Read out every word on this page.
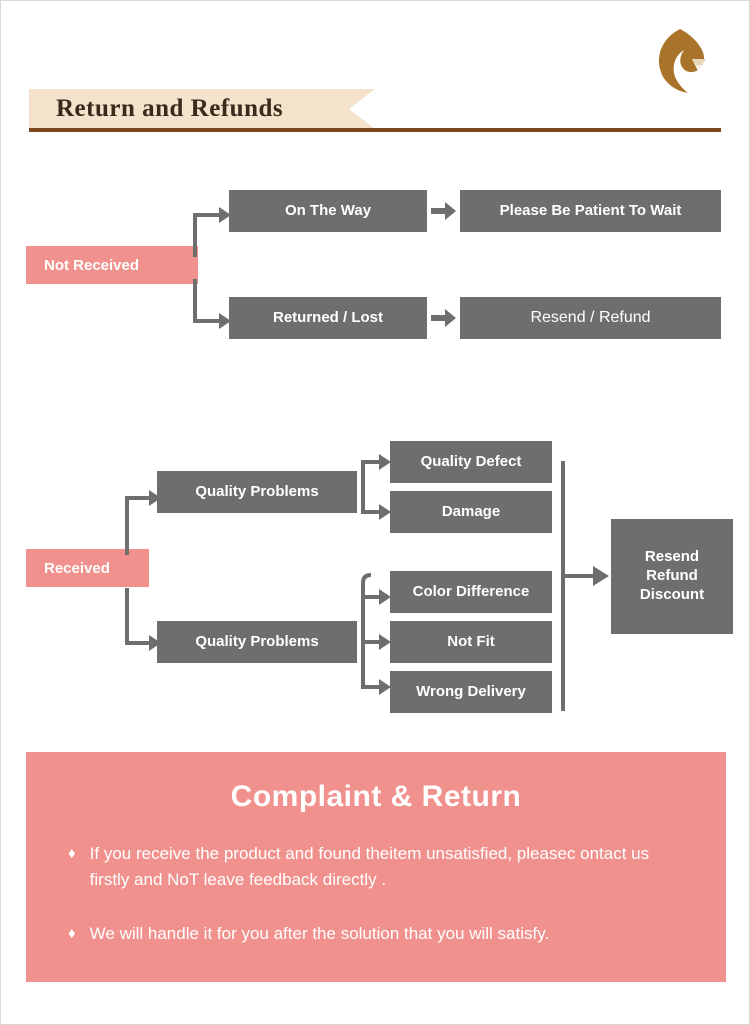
Return and Refunds
Not Received
On The Way	Please Be Patient To Wait
Returned / Lost	Resend / Refund
Received
Quality Problems
Quality Defect
Damage
Quality Problems
Color Difference
Not Fit
Wrong Delivery
Resend
Refund
Discount
Complaint & Return
♦ If you receive the product and found theitem unsatisfied, pleasec ontact us firstly and NoT leave feedback directly .
♦ We will handle it for you after the solution that you will satisfy.
